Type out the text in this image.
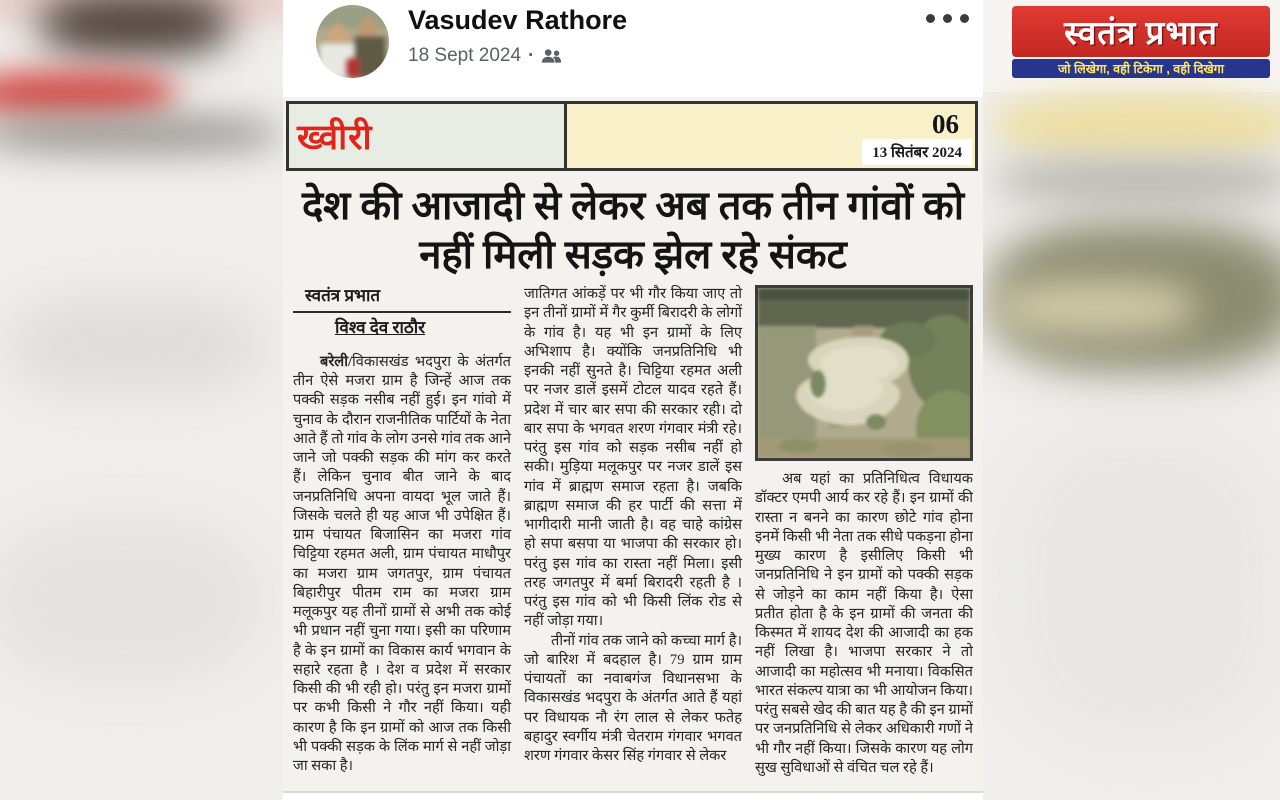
Vasudev Rathore
18 Sept 2024 ·
ख्वीरी	06
13 सितंबर 2024
देश की आजादी से लेकर अब तक तीन गांवों को
नहीं मिली सड़क झेल रहे संकट
स्वतंत्र प्रभात
विश्व देव राठौर

बरेली/विकासखंड भदपुरा के अंतर्गत तीन ऐसे मजरा ग्राम है जिन्हें आज तक पक्की सड़क नसीब नहीं हुई। इन गांवो में चुनाव के दौरान राजनीतिक पार्टियों के नेता आते हैं तो गांव के लोग उनसे गांव तक आने जाने जो पक्की सड़क की मांग कर करते हैं। लेकिन चुनाव बीत जाने के बाद जनप्रतिनिधि अपना वायदा भूल जाते हैं। जिसके चलते ही यह आज भी उपेक्षित हैं। ग्राम पंचायत बिजासिन का मजरा गांव चिट्टिया रहमत अली, ग्राम पंचायत माधौपुर का मजरा ग्राम जगतपुर, ग्राम पंचायत बिहारीपुर पीतम राम का मजरा ग्राम मलूकपुर यह तीनों ग्रामों से अभी तक कोई भी प्रधान नहीं चुना गया। इसी का परिणाम है के इन ग्रामों का विकास कार्य भगवान के सहारे रहता है । देश व प्रदेश में सरकार किसी की भी रही हो। परंतु इन मजरा ग्रामों पर कभी किसी ने गौर नहीं किया। यही कारण है कि इन ग्रामों को आज तक किसी भी पक्की सड़क के लिंक मार्ग से नहीं जोड़ा जा सका है।

जातिगत आंकड़ें पर भी गौर किया जाए तो इन तीनों ग्रामों में गैर कुर्मी बिरादरी के लोगों के गांव है। यह भी इन ग्रामों के लिए अभिशाप है। क्योंकि जनप्रतिनिधि भी इनकी नहीं सुनते है। चिट्टिया रहमत अली पर नजर डालें इसमें टोटल यादव रहते हैं। प्रदेश में चार बार सपा की सरकार रही। दो बार सपा के भगवत शरण गंगवार मंत्री रहे। परंतु इस गांव को सड़क नसीब नहीं हो सकी। मुड़िया मलूकपुर पर नजर डालें इस गांव में ब्राह्मण समाज रहता है। जबकि ब्राह्मण समाज की हर पार्टी की सत्ता में भागीदारी मानी जाती है। वह चाहे कांग्रेस हो सपा बसपा या भाजपा की सरकार हो। परंतु इस गांव का रास्ता नहीं मिला। इसी तरह जगतपुर में बर्मा बिरादरी रहती है ।परंतु इस गांव को भी किसी लिंक रोड से नहीं जोड़ा गया।

तीनों गांव तक जाने को कच्चा मार्ग है। जो बारिश में बदहाल है। 79 ग्राम ग्राम पंचायतों का नवाबगंज विधानसभा के विकासखंड भदपुरा के अंतर्गत आते हैं यहां पर विधायक नौ रंग लाल से लेकर फतेह बहादुर स्वर्गीय मंत्री चेतराम गंगवार भगवत शरण गंगवार केसर सिंह गंगवार से लेकर

अब यहां का प्रतिनिधित्व विधायक डॉक्टर एमपी आर्य कर रहे हैं। इन ग्रामों की रास्ता न बनने का कारण छोटे गांव होना इनमें किसी भी नेता तक सीधे पकड़ना होना मुख्य कारण है इसीलिए किसी भी जनप्रतिनिधि ने इन ग्रामों को पक्की सड़क से जोड़ने का काम नहीं किया है। ऐसा प्रतीत होता है के इन ग्रामों की जनता की किस्मत में शायद देश की आजादी का हक नहीं लिखा है। भाजपा सरकार ने तो आजादी का महोत्सव भी मनाया। विकसित भारत संकल्प यात्रा का भी आयोजन किया। परंतु सबसे खेद की बात यह है की इन ग्रामों पर जनप्रतिनिधि से लेकर अधिकारी गणों ने भी गौर नहीं किया। जिसके कारण यह लोग सुख सुविधाओं से वंचित चल रहे हैं।

स्वतंत्र प्रभात
जो लिखेगा, वही टिकेगा , वही दिखेगा
